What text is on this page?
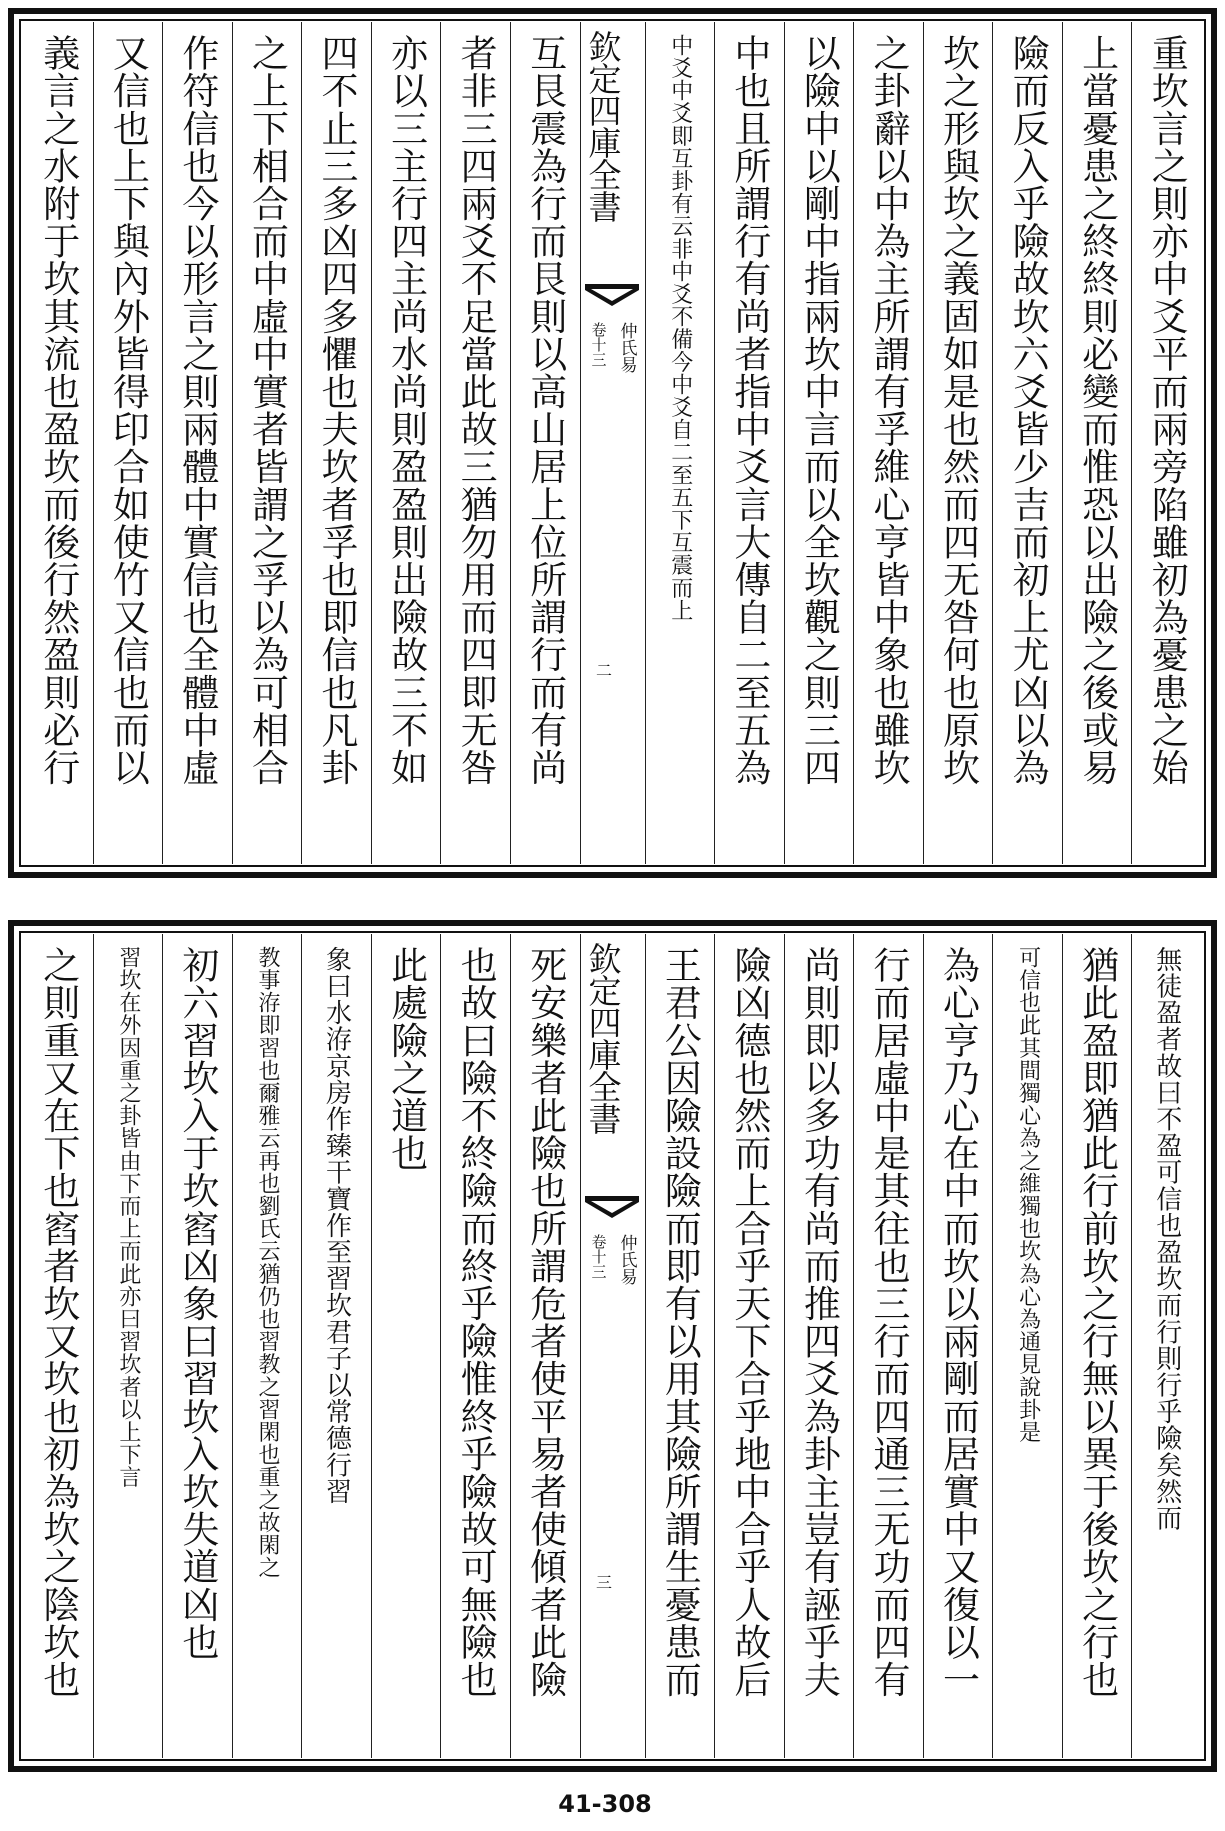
重坎言之則亦中爻平而兩旁陷雖初為憂患之始
上當憂患之終終則必變而惟恐以出險之後或易
險而反入乎險故坎六爻皆少吉而初上尤凶以為
坎之形與坎之義固如是也然而四无咎何也原坎
之卦辭以中為主所謂有孚維心亨皆中象也雖坎
以險中以剛中指兩坎中言而以全坎觀之則三四
中也且所謂行有尚者指中爻言大傳自二至五為
中爻中爻即互卦有云非中爻不備今中爻自二至五下互震而上
欽定四庫全書
仲氏易
卷十三
二
互艮震為行而艮則以高山居上位所謂行而有尚
者非三四兩爻不足當此故三猶勿用而四即无咎
亦以三主行四主尚水尚則盈盈則出險故三不如
四不止三多凶四多懼也夫坎者孚也即信也凡卦
之上下相合而中虛中實者皆謂之孚以為可相合
作符信也今以形言之則兩體中實信也全體中虛
又信也上下與內外皆得印合如使竹又信也而以
義言之水附于坎其流也盈坎而後行然盈則必行
無徒盈者故曰不盈可信也盈坎而行則行乎險矣然而
猶此盈即猶此行前坎之行無以異于後坎之行也
可信也此其間獨心為之維獨也坎為心為通見說卦是
為心亨乃心在中而坎以兩剛而居實中又復以一
行而居虛中是其往也三行而四通三无功而四有
尚則即以多功有尚而推四爻為卦主豈有誣乎夫
險凶德也然而上合乎天下合乎地中合乎人故后
王君公因險設險而即有以用其險所謂生憂患而
欽定四庫全書
仲氏易
卷十三
三
死安樂者此險也所謂危者使平易者使傾者此險
也故曰險不終險而終乎險惟終乎險故可無險也
此處險之道也
象曰水洊京房作臻干寶作至習坎君子以常德行習
教事洊即習也爾雅云再也劉氏云猶仍也習教之習閑也重之故閑之
初六習坎入于坎窞凶象曰習坎入坎失道凶也
習坎在外因重之卦皆由下而上而此亦曰習坎者以上下言
之則重又在下也窞者坎又坎也初為坎之陰坎也
41-308
